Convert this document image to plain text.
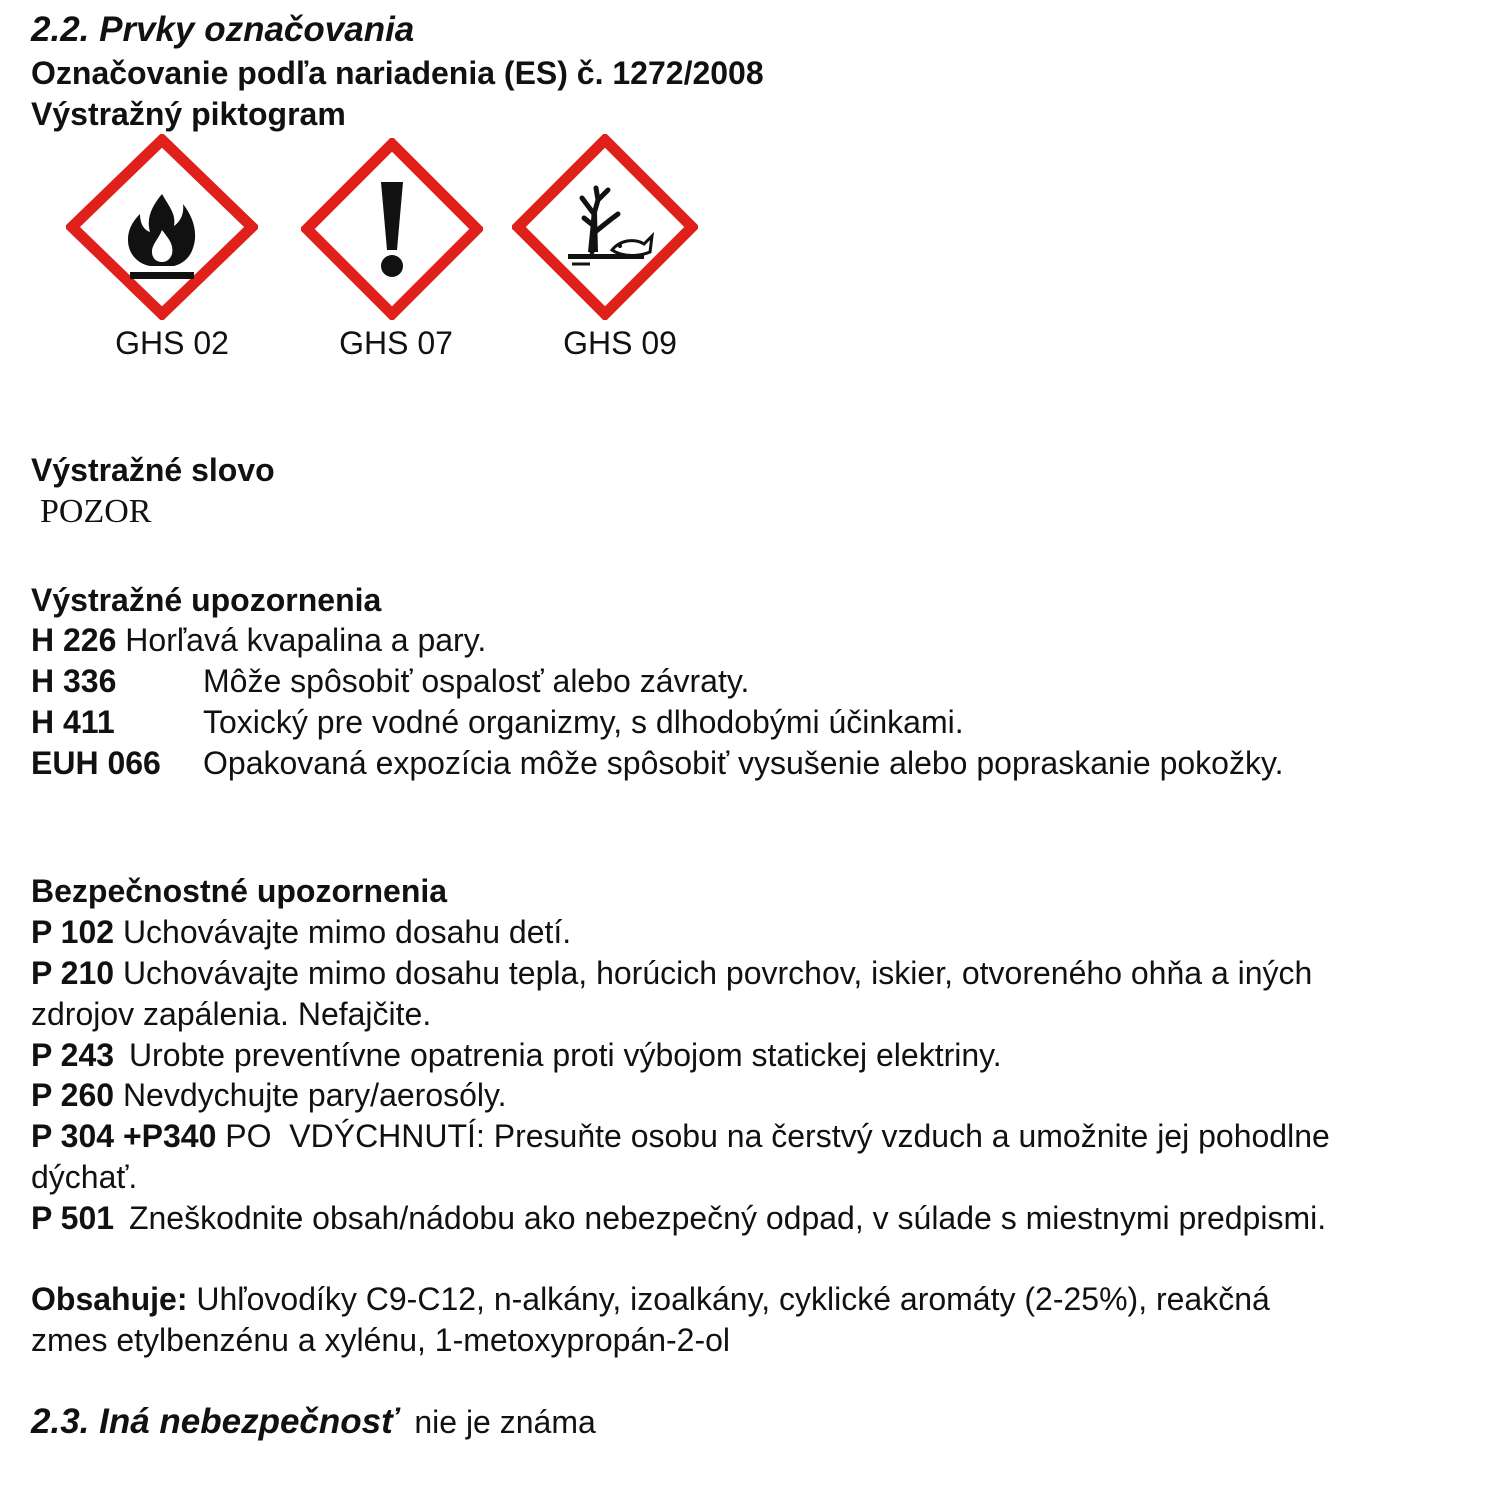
2.2. Prvky označovania
Označovanie podľa nariadenia (ES) č. 1272/2008
Výstražný piktogram
GHS 02	GHS 07	GHS 09
Výstražné slovo
POZOR
Výstražné upozornenia
H 226 Horľavá kvapalina a pary.
H 336	Môže spôsobiť ospalosť alebo závraty.
H 411	Toxický pre vodné organizmy, s dlhodobými účinkami.
EUH 066 Opakovaná expozícia môže spôsobiť vysušenie alebo popraskanie pokožky.
Bezpečnostné upozornenia
P 102 Uchovávajte mimo dosahu detí.
P 210 Uchovávajte mimo dosahu tepla, horúcich povrchov, iskier, otvoreného ohňa a iných
zdrojov zapálenia. Nefajčite.
P 243 Urobte preventívne opatrenia proti výbojom statickej elektriny.
P 260 Nevdychujte pary/aerosóly.
P 304 +P340 PO  VDÝCHNUTÍ: Presuňte osobu na čerstvý vzduch a umožnite jej pohodlne
dýchať.
P 501 Zneškodnite obsah/nádobu ako nebezpečný odpad, v súlade s miestnymi predpismi.
Obsahuje: Uhľovodíky C9-C12, n-alkány, izoalkány, cyklické aromáty (2-25%), reakčná
zmes etylbenzénu a xylénu, 1-metoxypropán-2-ol
2.3. Iná nebezpečnosť nie je známa
